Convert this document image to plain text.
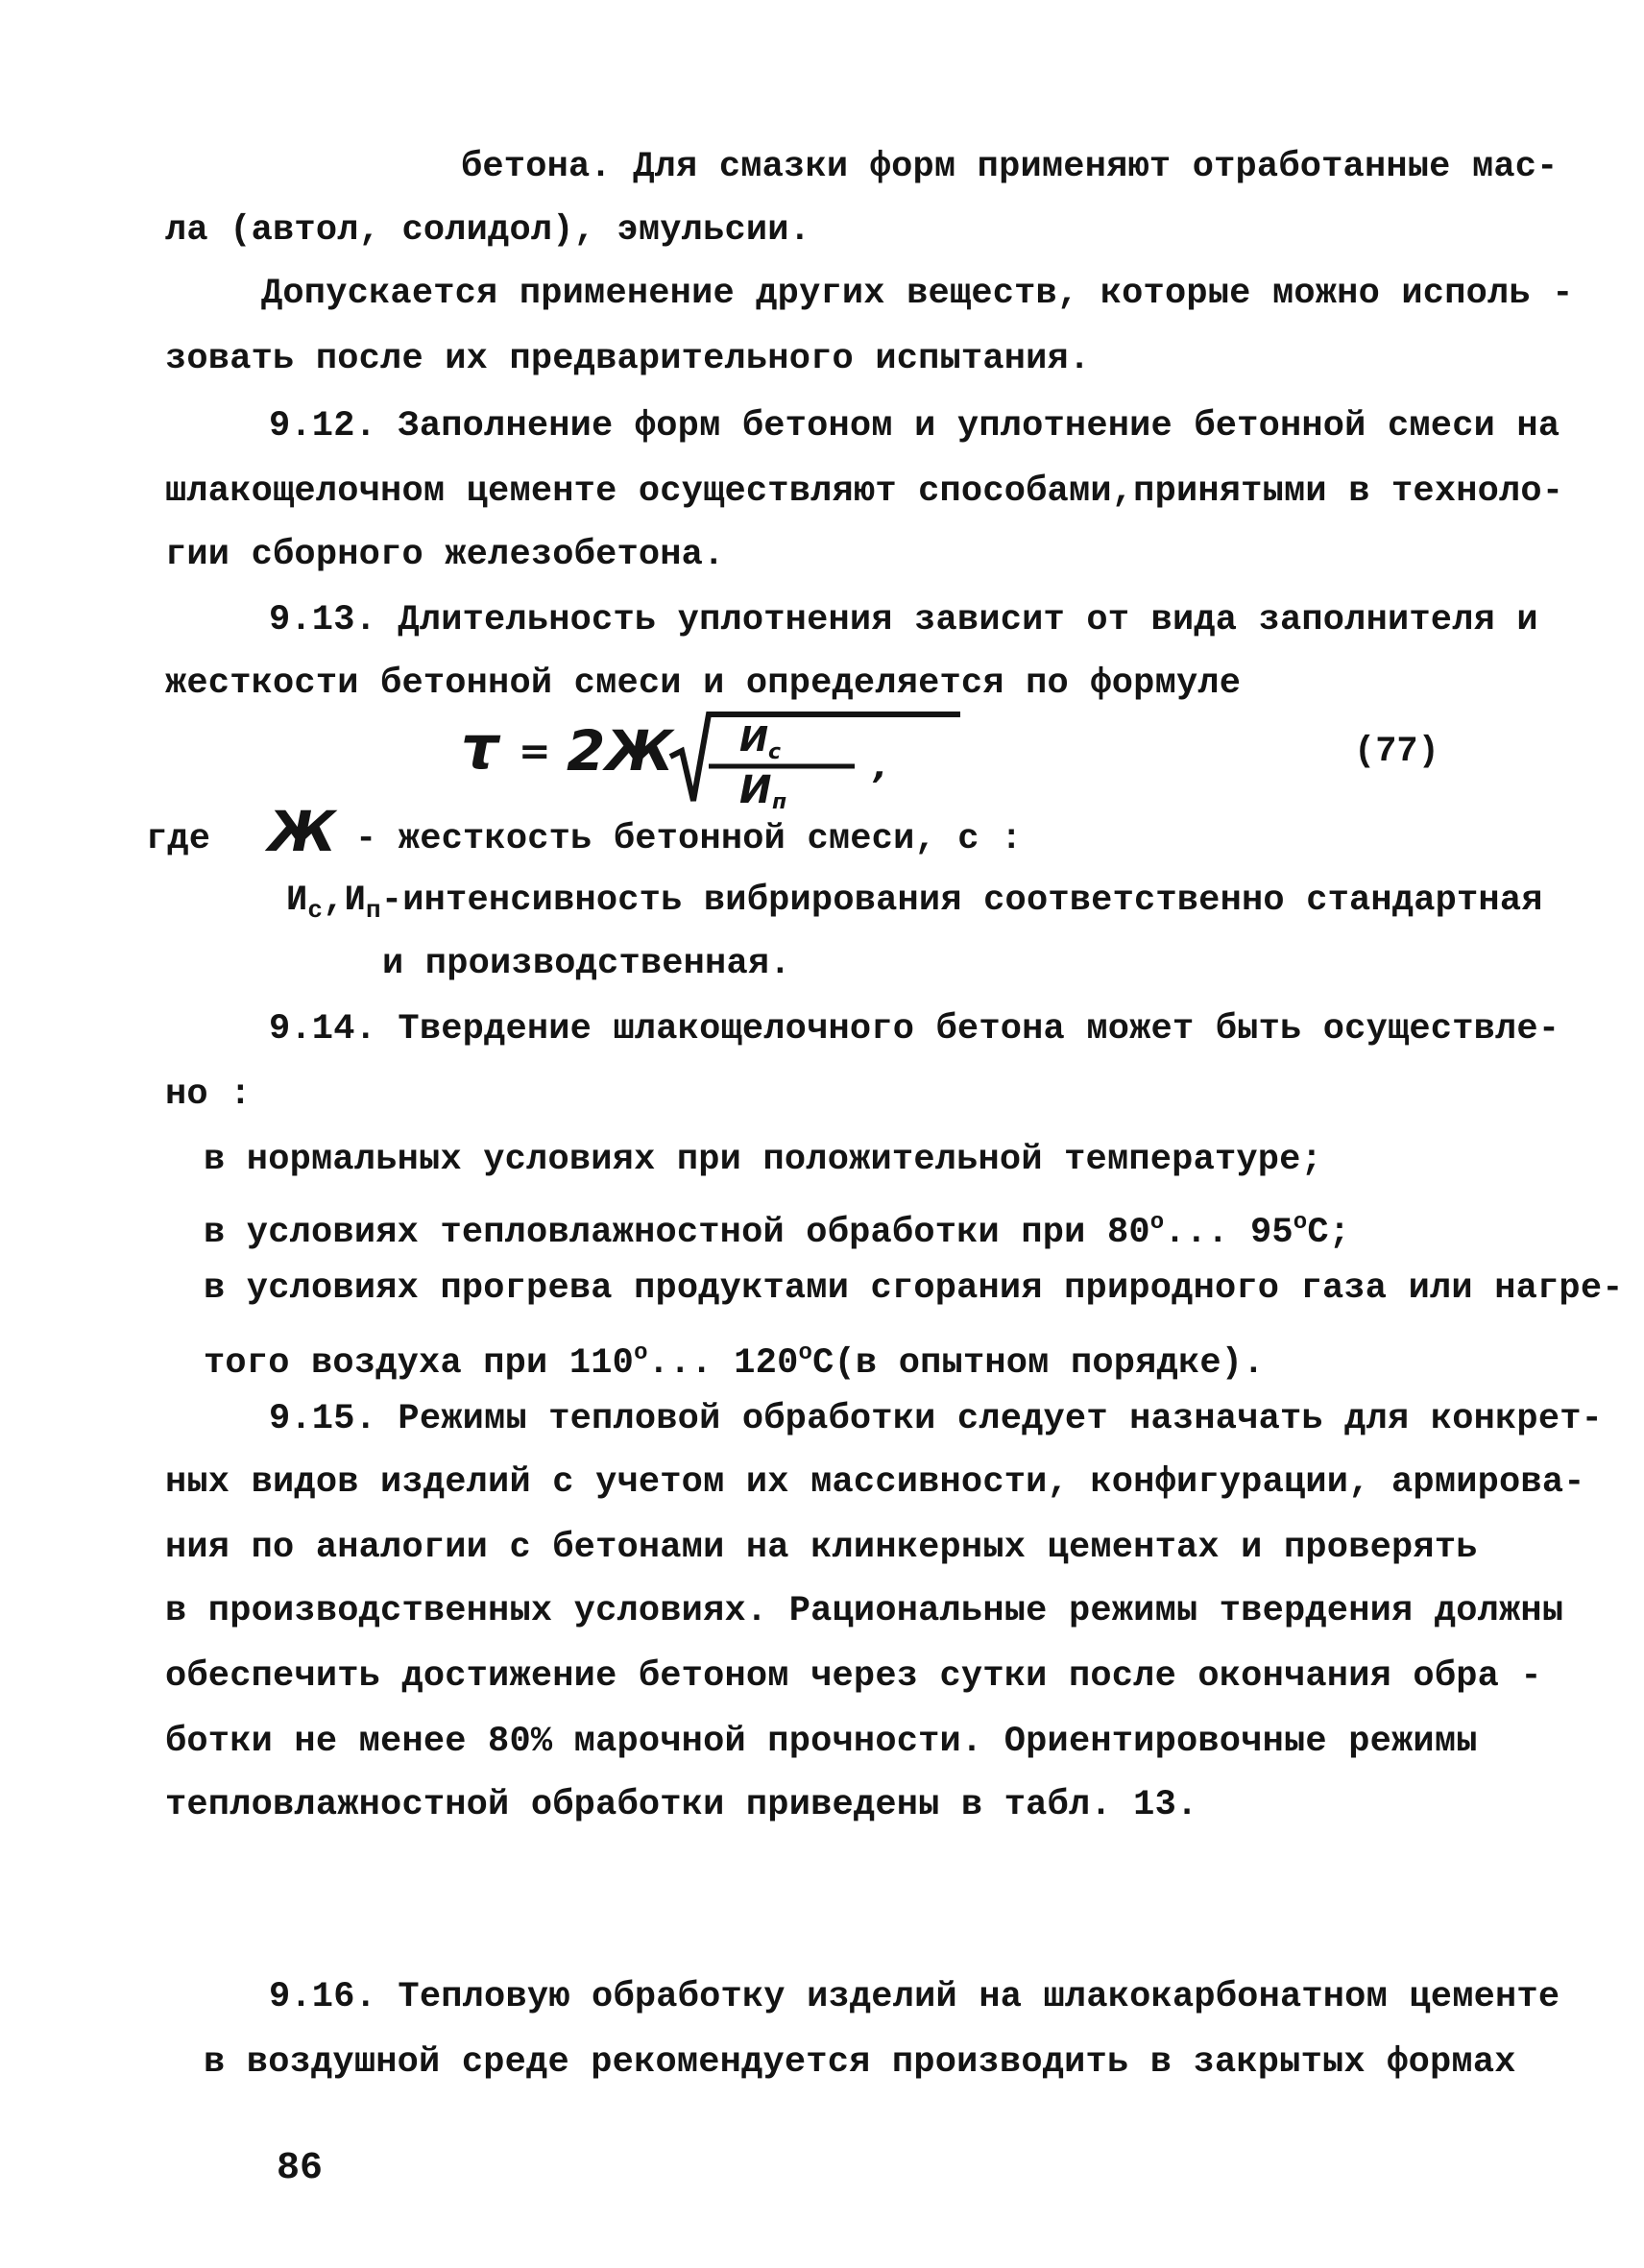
бетона. Для смазки форм применяют отработанные мас-
ла (автол, солидол), эмульсии.
Допускается применение других веществ, которые можно исполь -
зовать после их предварительного испытания.
9.12. Заполнение форм бетоном и уплотнение бетонной смеси на
шлакощелочном цементе осуществляют способами,принятыми в техноло-
гии сборного железобетона.
9.13. Длительность уплотнения зависит от вида заполнителя и
жесткости бетонной смеси и определяется по формуле
τ = 2Ж И с
И п
,	(77)
где Ж - жесткость бетонной смеси, с :
$И_с,И_п$-интенсивность вибрирования соответственно стандартная
и производственная.
9.14. Твердение шлакощелочного бетона может быть осуществле-
но :
в нормальных условиях при положительной температуре;
в условиях тепловлажностной обработки при $80^о$... $95^оС$;
в условиях прогрева продуктами сгорания природного газа или нагре-
того воздуха при $110^о$... $120^оС(в$ опытном порядке).
9.15. Режимы тепловой обработки следует назначать для конкрет-
ных видов изделий с учетом их массивности, конфигурации, армирова-
ния по аналогии с бетонами на клинкерных цементах и проверять
в производственных условиях. Рациональные режимы твердения должны
обеспечить достижение бетоном через сутки после окончания обра -
ботки не менее 80% марочной прочности. Ориентировочные режимы
тепловлажностной обработки приведены в табл. 13.
9.16. Тепловую обработку изделий на шлакокарбонатном цементе
в воздушной среде рекомендуется производить в закрытых формах
86
